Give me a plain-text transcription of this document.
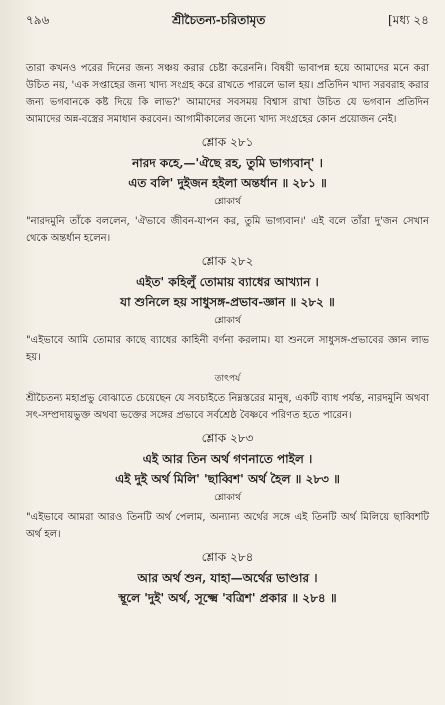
৭৯৬	শ্রীচৈতন্য-চরিতামৃত	[মধ্য ২৪

তারা কখনও পরের দিনের জন্য সঞ্চয় করার চেষ্টা করেননি। বিষয়ী ভাবাপন্ন হয়ে আমাদের মনে করা উচিত নয়, 'এক সপ্তাহের জন্য খাদ্য সংগ্রহ করে রাখতে পারলে ভাল হয়। প্রতিদিন খাদ্য সরবরাহ করার জন্য ভগবানকে কষ্ট দিয়ে কি লাভ?' আমাদের সবসময় বিশ্বাস রাখা উচিত যে ভগবান প্রতিদিন আমাদের অন্ন-বস্ত্রের সমাধান করবেন। আগামীকালের জন্যে খাদ্য সংগ্রহের কোন প্রয়োজন নেই।

শ্লোক ২৮১
নারদ কহে,—'ঐছে রহ, তুমি ভাগ্যবান্' ।
এত বলি' দুইজন হইলা অন্তর্ধান ॥ ২৮১ ॥
শ্লোকার্থ

"নারদমুনি তাঁকে বললেন, 'ঐভাবে জীবন-যাপন কর, তুমি ভাগ্যবান।' এই বলে তাঁরা দু'জন সেখান থেকে অন্তর্ধান হলেন।

শ্লোক ২৮২
এইত' কহিলুঁ তোমায় ব্যাধের আখ্যান ।
যা শুনিলে হয় সাধুসঙ্গ-প্রভাব-জ্ঞান ॥ ২৮২ ॥
শ্লোকার্থ

"এইভাবে আমি তোমার কাছে ব্যাধের কাহিনী বর্ণনা করলাম। যা শুনলে সাধুসঙ্গ-প্রভাবের জ্ঞান লাভ হয়।

তাৎপর্য

শ্রীচৈতন্য মহাপ্রভু বোঝাতে চেয়েছেন যে সবচাইতে নিম্নস্তরের মানুষ, একটি ব্যাধ পর্যন্ত, নারদমুনি অথবা সৎ-সম্প্রদায়ভুক্ত অথবা ভক্তের সঙ্গের প্রভাবে সর্বশ্রেষ্ঠ বৈষ্ণবে পরিণত হতে পারেন।

শ্লোক ২৮৩
এই আর তিন অর্থ গণনাতে পাইল ।
এই দুই অর্থ মিলি' 'ছাব্বিশ' অর্থ হৈল ॥ ২৮৩ ॥
শ্লোকার্থ

"এইভাবে আমরা আরও তিনটি অর্থ পেলাম, অন্যান্য অর্থের সঙ্গে এই তিনটি অর্থ মিলিয়ে ছাব্বিশটি অর্থ হল।

শ্লোক ২৮৪
আর অর্থ শুন, যাহা—অর্থের ভাণ্ডার ।
স্থূলে 'দুই' অর্থ, সূক্ষ্মে 'বত্রিশ' প্রকার ॥ ২৮৪ ॥
